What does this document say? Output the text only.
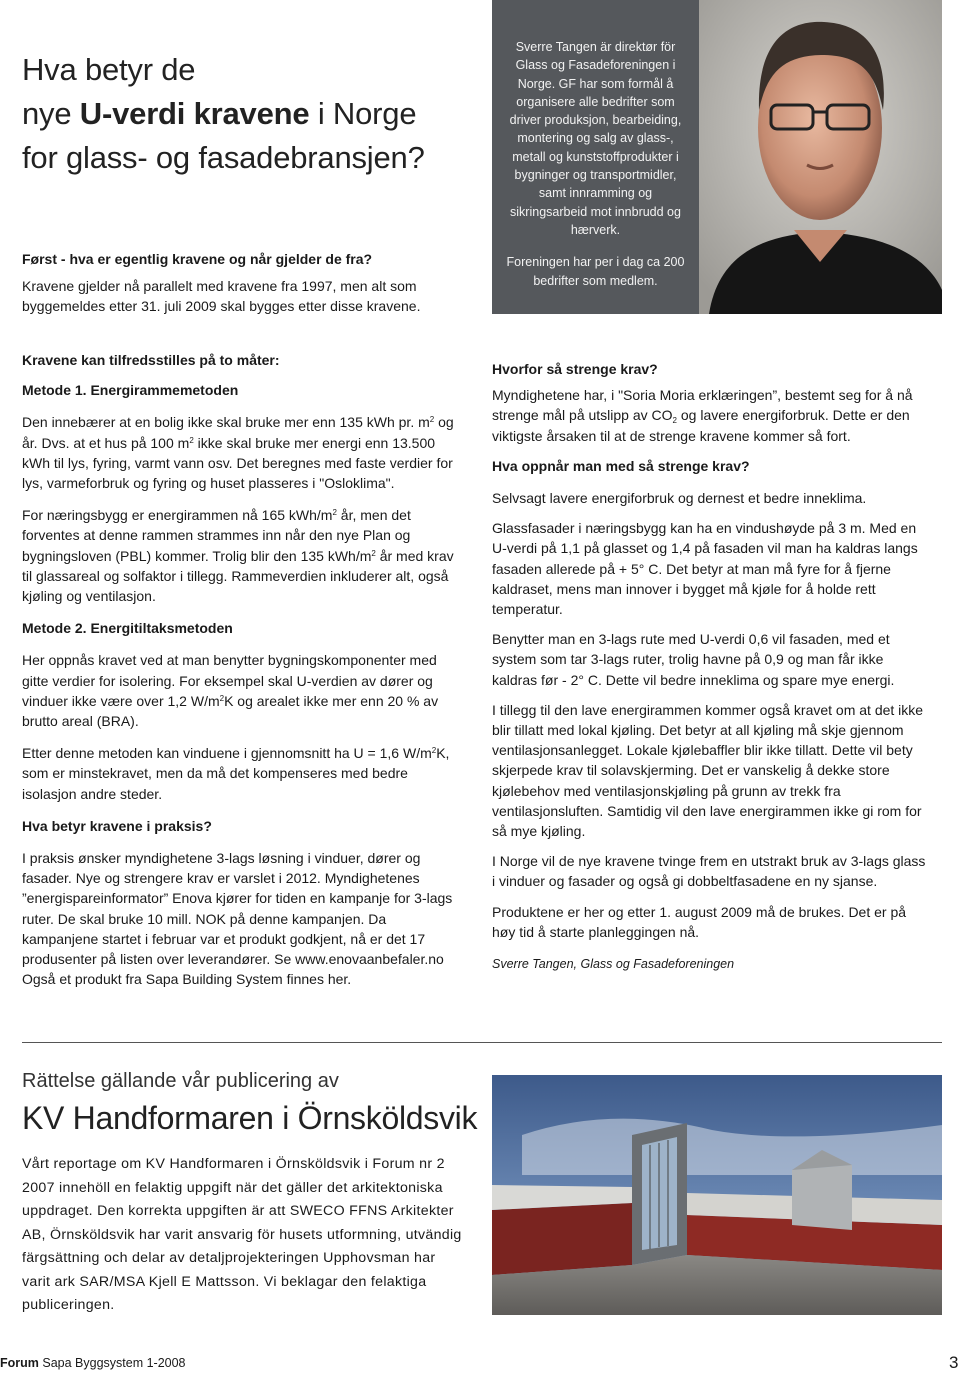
Hva betyr de
nye U-verdi kravene i Norge
for glass- og fasadebransjen?
Først - hva er egentlig kravene og når gjelder de fra?
Kravene gjelder nå parallelt med kravene fra 1997, men alt som byggemeldes etter 31. juli 2009 skal bygges etter disse kravene.

Sverre Tangen är direktør för Glass og Fasadeforeningen i Norge. GF har som formål å organisere alle bedrifter som driver produksjon, bearbeiding, montering og salg av glass-, metall og kunststoffprodukter i bygninger og transportmidler, samt innramming og sikringsarbeid mot innbrudd og hærverk.

Foreningen har per i dag ca 200 bedrifter som medlem.

Kravene kan tilfredsstilles på to måter:

Metode 1. Energirammemetoden

Den innebærer at en bolig ikke skal bruke mer enn 135 kWh pr. $m^2$ og år. Dvs. at et hus på 100 $m^2$ ikke skal bruke mer energi enn 13.500 kWh til lys, fyring, varmt vann osv. Det beregnes med faste verdier for lys, varmeforbruk og fyring og huset plasseres i "Osloklima".

For næringsbygg er energirammen nå 165 kWh/$m^2$ år, men det forventes at denne rammen strammes inn når den nye Plan og bygningsloven (PBL) kommer. Trolig blir den 135 kWh/$m^2$ år med krav til glassareal og solfaktor i tillegg. Rammeverdien inkluderer alt, også kjøling og ventilasjon.

Metode 2. Energitiltaksmetoden

Her oppnås kravet ved at man benytter bygningskomponenter med gitte verdier for isolering. For eksempel skal U-verdien av dører og vinduer ikke være over 1,2 $W/m^2K$ og arealet ikke mer enn 20 % av brutto areal (BRA).

Etter denne metoden kan vinduene i gjennomsnitt ha U = 1,6 $W/m^2K$, som er minstekravet, men da må det kompenseres med bedre isolasjon andre steder.

Hva betyr kravene i praksis?

I praksis ønsker myndighetene 3-lags løsning i vinduer, dører og fasader. Nye og strengere krav er varslet i 2012. Myndighetenes ”energispareinformator” Enova kjører for tiden en kampanje for 3-lags ruter. De skal bruke 10 mill. NOK på denne kampanjen. Da kampanjene startet i februar var et produkt godkjent, nå er det 17 produsenter på listen over leverandører. Se www.enovaanbefaler.no Også et produkt fra Sapa Building System finnes her.

Hvorfor så strenge krav?

Myndighetene har, i "Soria Moria erklæringen”, bestemt seg for å nå strenge mål på utslipp av $CO_2$ og lavere energiforbruk. Dette er den viktigste årsaken til at de strenge kravene kommer så fort.

Hva oppnår man med så strenge krav?

Selvsagt lavere energiforbruk og dernest et bedre inneklima.

Glassfasader i næringsbygg kan ha en vindushøyde på 3 m. Med en U-verdi på 1,1 på glasset og 1,4 på fasaden vil man ha kaldras langs fasaden allerede på + 5° C. Det betyr at man må fyre for å fjerne kaldraset, mens man innover i bygget må kjøle for å holde rett temperatur.

Benytter man en 3-lags rute med U-verdi 0,6 vil fasaden, med et system som tar 3-lags ruter, trolig havne på 0,9 og man får ikke kaldras før - 2° C. Dette vil bedre inneklima og spare mye energi.

I tillegg til den lave energirammen kommer også kravet om at det ikke blir tillatt med lokal kjøling. Det betyr at all kjøling må skje gjennom ventilasjonsanlegget. Lokale kjølebaffler blir ikke tillatt. Dette vil bety skjerpede krav til solavskjerming. Det er vanskelig å dekke store kjølebehov med ventilasjonskjøling på grunn av trekk fra ventilasjonsluften. Samtidig vil den lave energirammen ikke gi rom for så mye kjøling.

I Norge vil de nye kravene tvinge frem en utstrakt bruk av 3-lags glass i vinduer og fasader og også gi dobbeltfasadene en ny sjanse.

Produktene er her og etter 1. august 2009 må de brukes. Det er på høy tid å starte planleggingen nå.

Sverre Tangen, Glass og Fasadeforeningen

Rättelse gällande vår publicering av
KV Handformaren i Örnsköldsvik
Vårt reportage om KV Handformaren i Örnsköldsvik i Forum nr 2 2007 innehöll en felaktig uppgift när det gäller det arkitektoniska uppdraget. Den korrekta uppgiften är att SWECO FFNS Arkitekter AB, Örnsköldsvik har varit ansvarig för husets utformning, utvändig färgsättning och delar av detaljprojekteringen Upphovsman har varit ark SAR/MSA Kjell E Mattsson. Vi beklagar den felaktiga publiceringen.
Forum Sapa Byggsystem 1-2008	3
